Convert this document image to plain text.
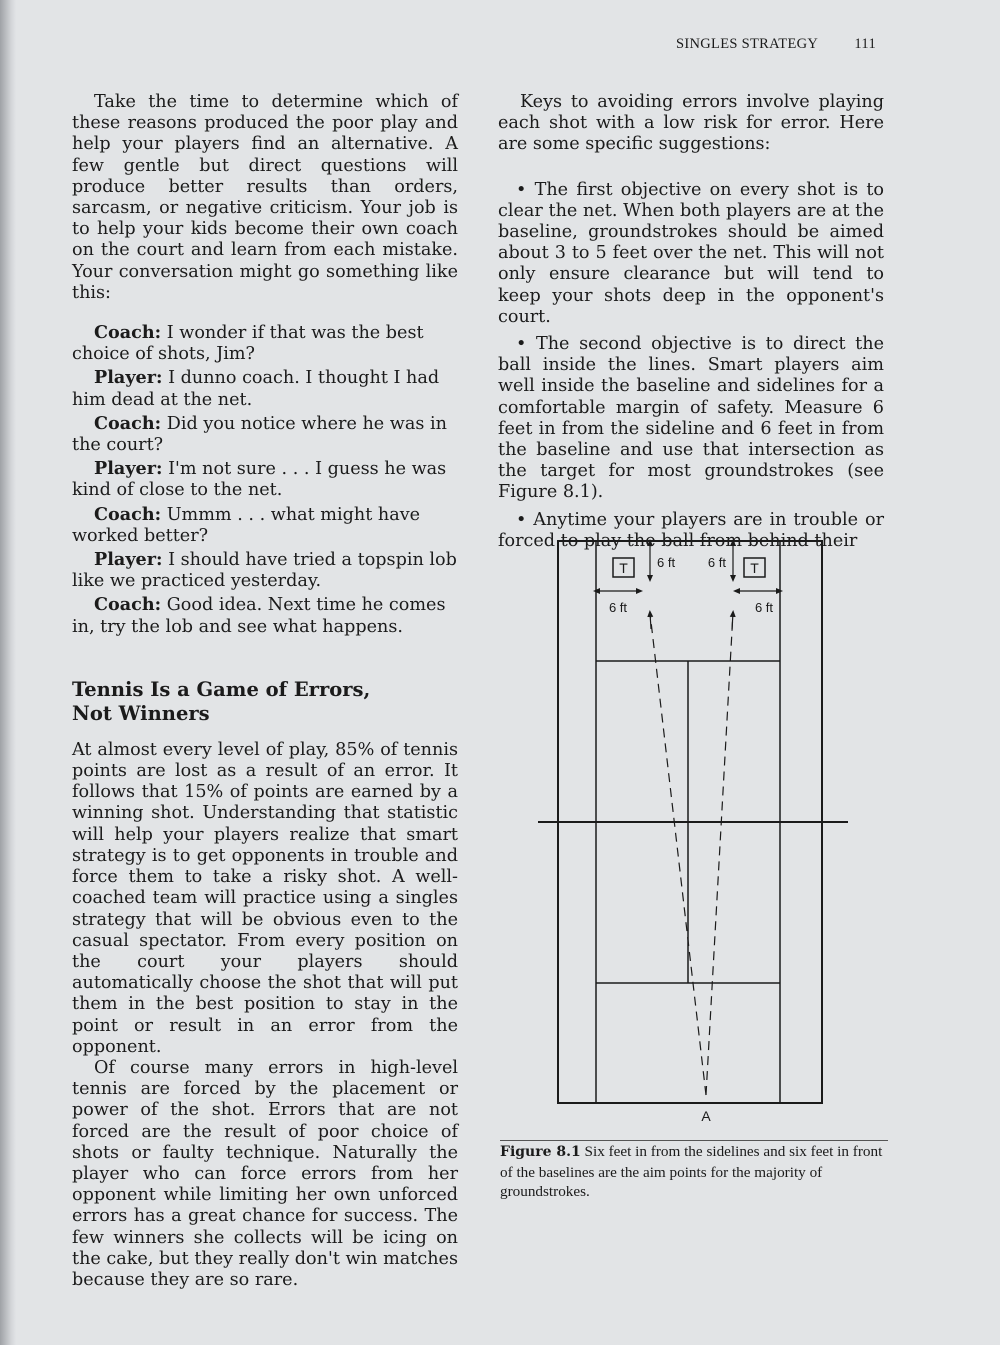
SINGLES STRATEGY	111

Take the time to determine which of these reasons produced the poor play and help your players find an alternative. A few gentle but direct questions will produce better results than orders, sarcasm, or negative criticism. Your job is to help your kids become their own coach on the court and learn from each mistake. Your conversation might go something like this:

Coach: I wonder if that was the best choice of shots, Jim?

Player: I dunno coach. I thought I had him dead at the net.

Coach: Did you notice where he was in the court?

Player: I'm not sure . . . I guess he was kind of close to the net.

Coach: Ummm . . . what might have worked better?

Player: I should have tried a topspin lob like we practiced yesterday.

Coach: Good idea. Next time he comes in, try the lob and see what happens.

Tennis Is a Game of Errors,
Not Winners

At almost every level of play, 85% of tennis points are lost as a result of an error. It follows that 15% of points are earned by a winning shot. Understanding that statistic will help your players realize that smart strategy is to get opponents in trouble and force them to take a risky shot. A well-coached team will practice using a singles strategy that will be obvious even to the casual spectator. From every position on the court your players should automatically choose the shot that will put them in the best position to stay in the point or result in an error from the opponent.

Of course many errors in high-level tennis are forced by the placement or power of the shot. Errors that are not forced are the result of poor choice of shots or faulty technique. Naturally the player who can force errors from her opponent while limiting her own unforced errors has a great chance for success. The few winners she collects will be icing on the cake, but they really don't win matches because they are so rare.

Keys to avoiding errors involve playing each shot with a low risk for error. Here are some specific suggestions:

• The first objective on every shot is to clear the net. When both players are at the baseline, groundstrokes should be aimed about 3 to 5 feet over the net. This will not only ensure clearance but will tend to keep your shots deep in the opponent's court.

• The second objective is to direct the ball inside the lines. Smart players aim well inside the baseline and sidelines for a comfortable margin of safety. Measure 6 feet in from the sideline and 6 feet in from the baseline and use that intersection as the target for most groundstrokes (see Figure 8.1).

• Anytime your players are in trouble or forced to play the ball from behind their

T	T
6 ft	6 ft
6 ft	6 ft
A
Figure 8.1 Six feet in from the sidelines and six feet in front of the baselines are the aim points for the majority of groundstrokes.
